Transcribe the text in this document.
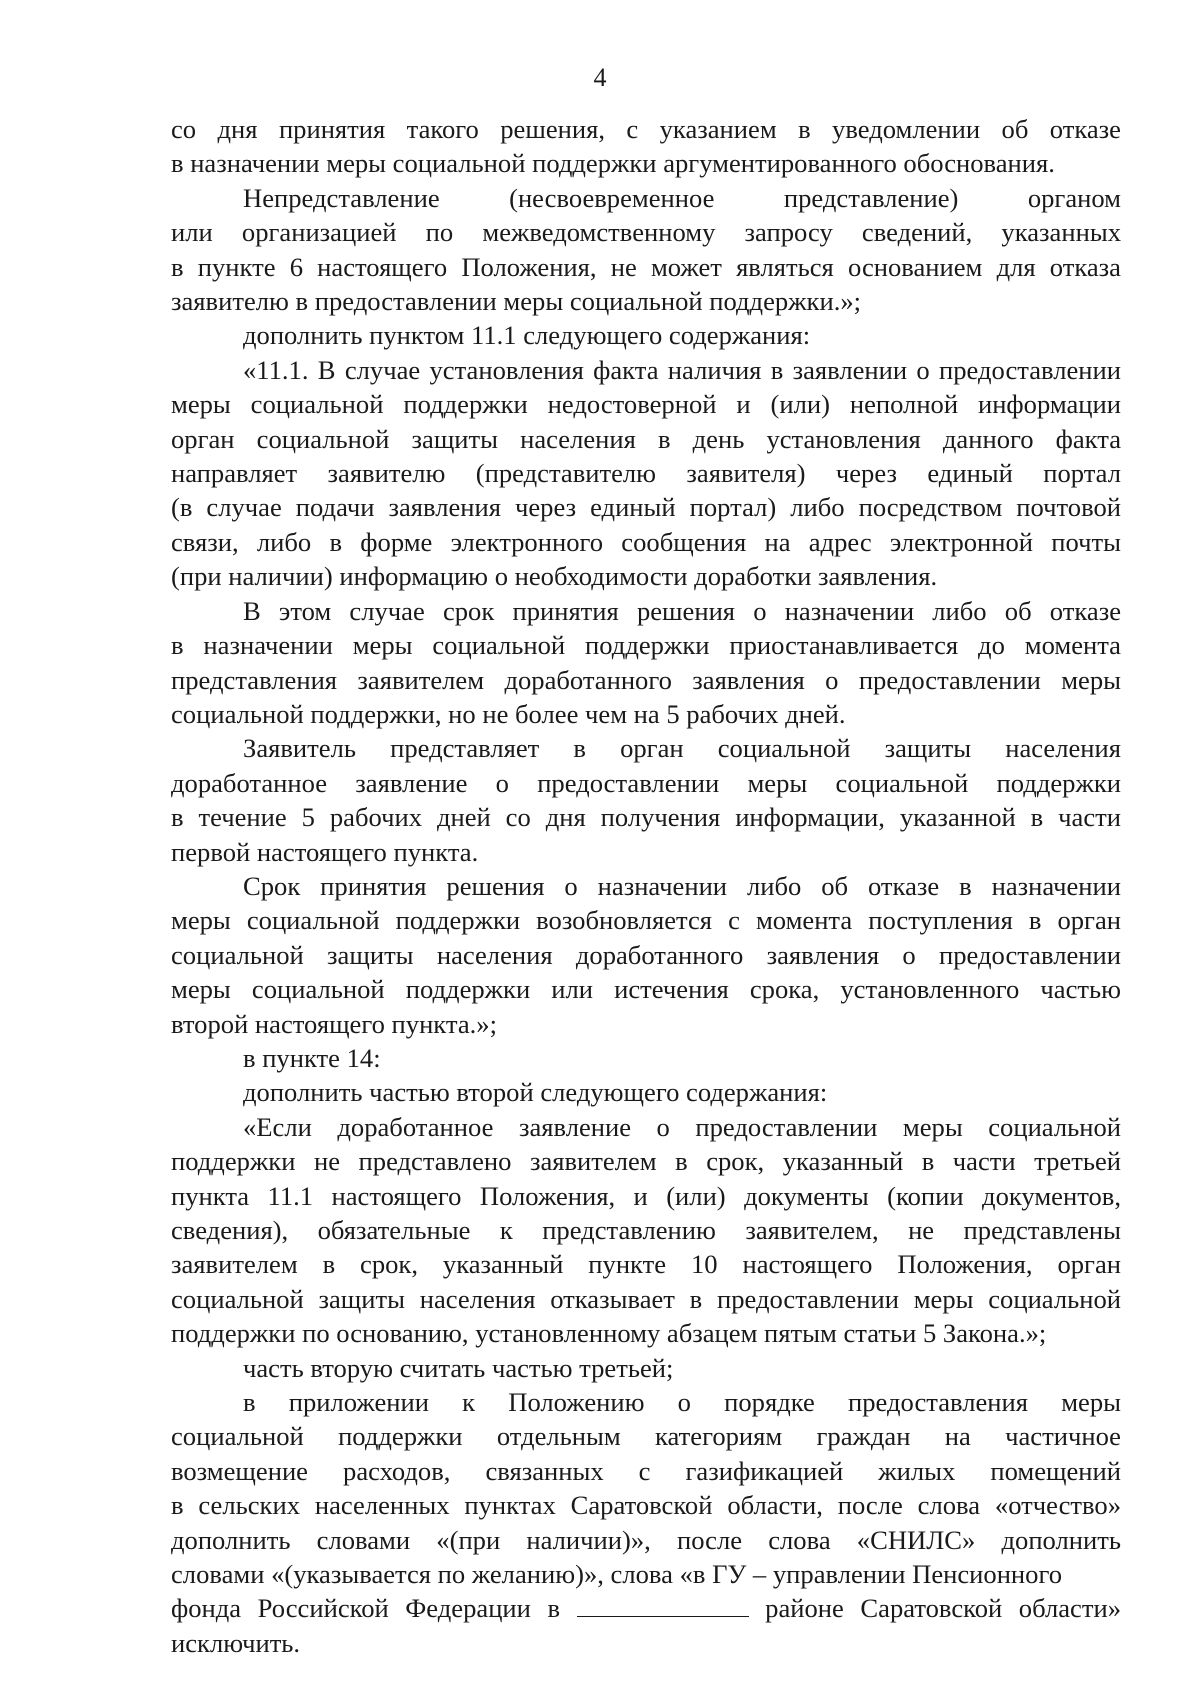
4

со дня принятия такого решения, с указанием в уведомлении об отказе

в назначении меры социальной поддержки аргументированного обоснования.

Непредставление (несвоевременное представление) органом

или организацией по межведомственному запросу сведений, указанных

в пункте 6 настоящего Положения, не может являться основанием для отказа

заявителю в предоставлении меры социальной поддержки.»;

дополнить пунктом 11.1 следующего содержания:

«11.1. В случае установления факта наличия в заявлении о предоставлении

меры социальной поддержки недостоверной и (или) неполной информации

орган социальной защиты населения в день установления данного факта

направляет заявителю (представителю заявителя) через единый портал

(в случае подачи заявления через единый портал) либо посредством почтовой

связи, либо в форме электронного сообщения на адрес электронной почты

(при наличии) информацию о необходимости доработки заявления.

В этом случае срок принятия решения о назначении либо об отказе

в назначении меры социальной поддержки приостанавливается до момента

представления заявителем доработанного заявления о предоставлении меры

социальной поддержки, но не более чем на 5 рабочих дней.

Заявитель представляет в орган социальной защиты населения

доработанное заявление о предоставлении меры социальной поддержки

в течение 5 рабочих дней со дня получения информации, указанной в части

первой настоящего пункта.

Срок принятия решения о назначении либо об отказе в назначении

меры социальной поддержки возобновляется с момента поступления в орган

социальной защиты населения доработанного заявления о предоставлении

меры социальной поддержки или истечения срока, установленного частью

второй настоящего пункта.»;

в пункте 14:

дополнить частью второй следующего содержания:

«Если доработанное заявление о предоставлении меры социальной

поддержки не представлено заявителем в срок, указанный в части третьей

пункта 11.1 настоящего Положения, и (или) документы (копии документов,

сведения), обязательные к представлению заявителем, не представлены

заявителем в срок, указанный пункте 10 настоящего Положения, орган

социальной защиты населения отказывает в предоставлении меры социальной

поддержки по основанию, установленному абзацем пятым статьи 5 Закона.»;

часть вторую считать частью третьей;

в приложении к Положению о порядке предоставления меры

социальной поддержки отдельным категориям граждан на частичное

возмещение расходов, связанных с газификацией жилых помещений

в сельских населенных пунктах Саратовской области, после слова «отчество»

дополнить словами «(при наличии)», после слова «СНИЛС» дополнить

словами «(указывается по желанию)», слова «в ГУ – управлении Пенсионного

фонда Российской Федерации в	районе Саратовской области»

исключить.
